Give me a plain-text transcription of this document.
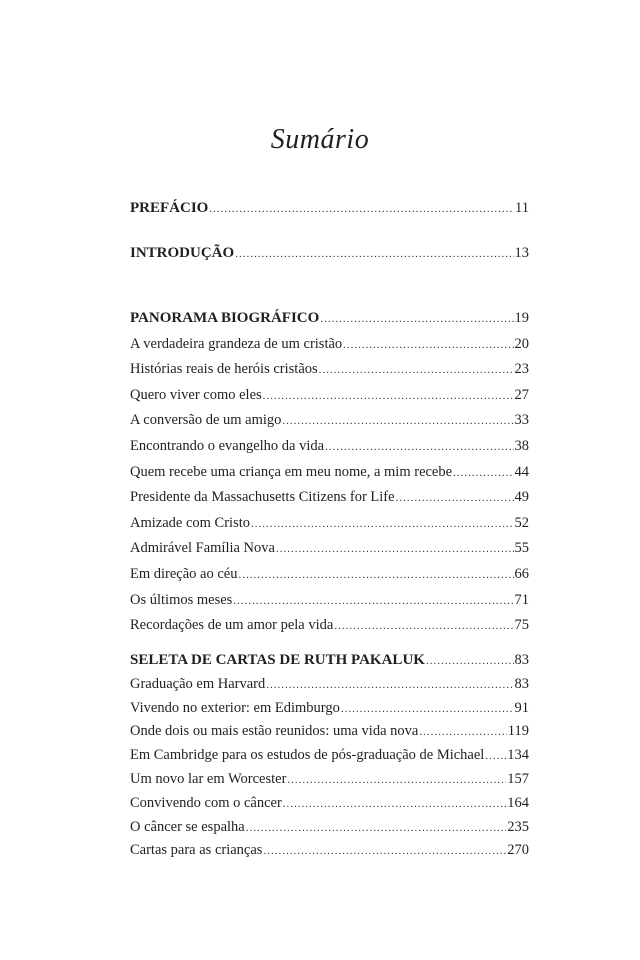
Sumário
PREFÁCIO .....	11
INTRODUÇÃO .....	13
PANORAMA BIOGRÁFICO .....	19
A verdadeira grandeza de um cristão .....	20
Histórias reais de heróis cristãos .....	23
Quero viver como eles .....	27
A conversão de um amigo .....	33
Encontrando o evangelho da vida .....	38
Quem recebe uma criança em meu nome, a mim recebe .....	44
Presidente da Massachusetts Citizens for Life .....	49
Amizade com Cristo .....	52
Admirável Família Nova .....	55
Em direção ao céu .....	66
Os últimos meses .....	71
Recordações de um amor pela vida .....	75
SELETA DE CARTAS DE RUTH PAKALUK .....	83
Graduação em Harvard .....	83
Vivendo no exterior: em Edimburgo .....	91
Onde dois ou mais estão reunidos: uma vida nova .....	119
Em Cambridge para os estudos de pós-graduação de Michael ..... 134
Um novo lar em Worcester .....	157
Convivendo com o câncer .....	164
O câncer se espalha .....	235
Cartas para as crianças .....	270
